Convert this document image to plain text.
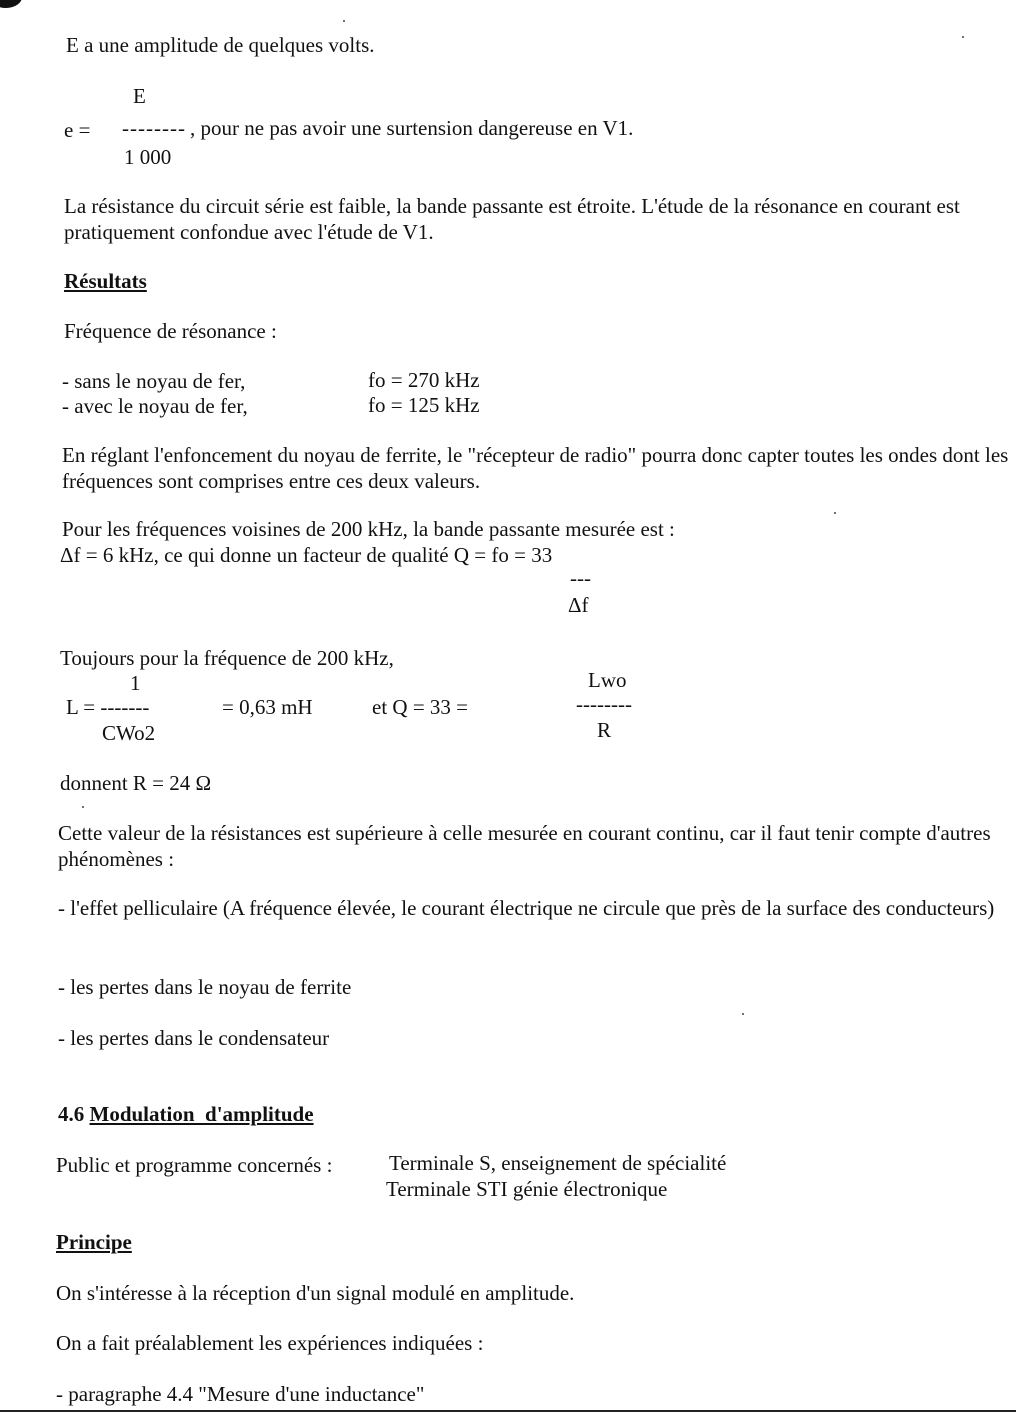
E a une amplitude de quelques volts.
E
e = -------- , pour ne pas avoir une surtension dangereuse en V1.
1 000
La résistance du circuit série est faible, la bande passante est étroite. L'étude de la résonance en courant est pratiquement confondue avec l'étude de V1.
Résultats
Fréquence de résonance :
- sans le noyau de fer,	fo = 270 kHz
- avec le noyau de fer,	fo = 125 kHz
En réglant l'enfoncement du noyau de ferrite, le "récepteur de radio" pourra donc capter toutes les ondes dont les fréquences sont comprises entre ces deux valeurs.
Pour les fréquences voisines de 200 kHz, la bande passante mesurée est :
Δf = 6 kHz, ce qui donne un facteur de qualité Q = fo = 33
---
Δf
Toujours pour la fréquence de 200 kHz,
1
L = -------	= 0,63 mH	et Q = 33 =
CWo2
Lwo
--------
R
donnent R = 24 Ω
Cette valeur de la résistances est supérieure à celle mesurée en courant continu, car il faut tenir compte d'autres phénomènes :
- l'effet pelliculaire (A fréquence élevée, le courant électrique ne circule que près de la surface des conducteurs)
- les pertes dans le noyau de ferrite
- les pertes dans le condensateur
4.6 Modulation  d'amplitude
Public et programme concernés :	Terminale S, enseignement de spécialité
Terminale STI génie électronique
Principe
On s'intéresse à la réception d'un signal modulé en amplitude.
On a fait préalablement les expériences indiquées :
- paragraphe 4.4 "Mesure d'une inductance"
